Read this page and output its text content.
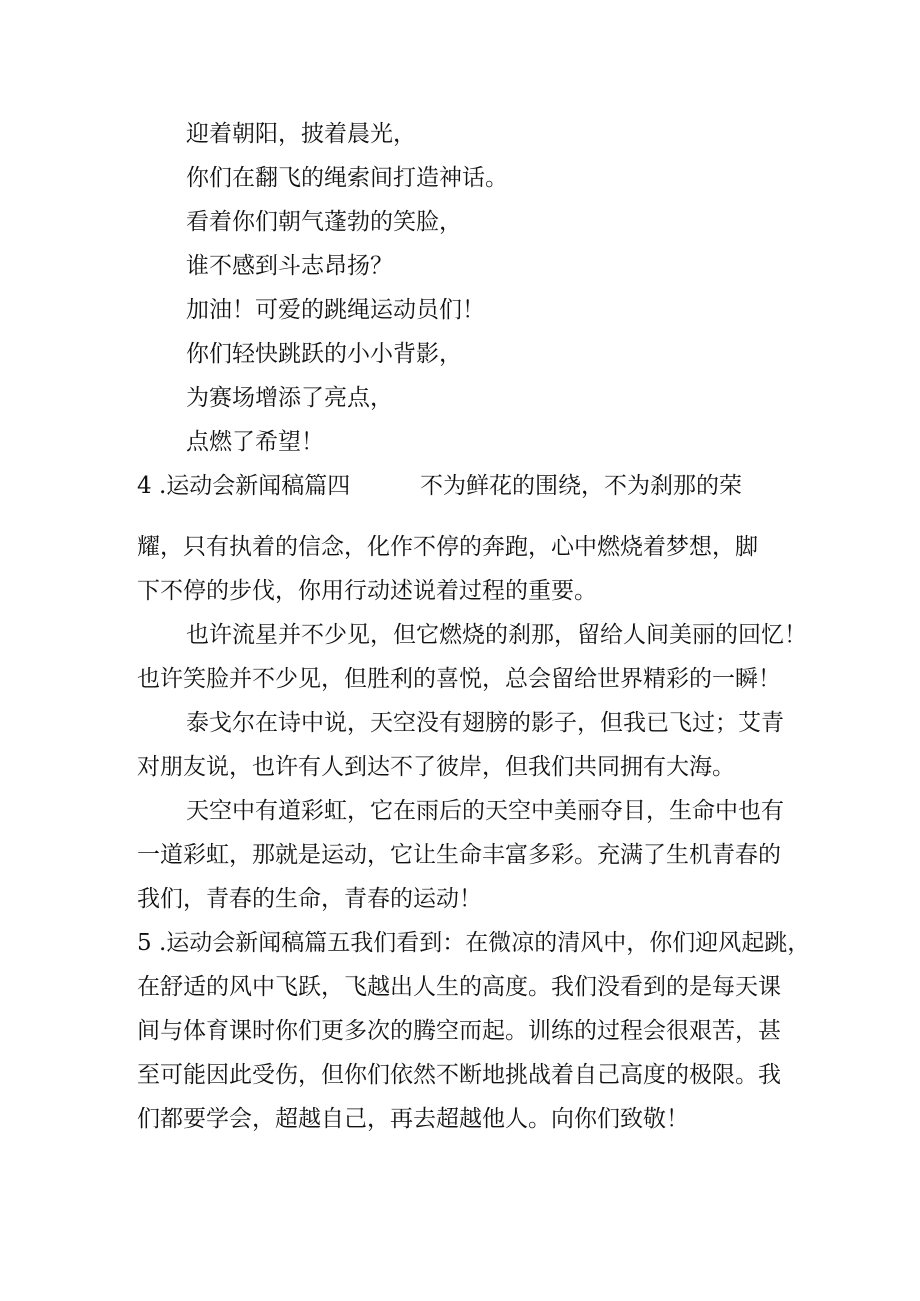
迎着朝阳，披着晨光，
你们在翻飞的绳索间打造神话。
看着你们朝气蓬勃的笑脸，
谁不感到斗志昂扬？
加油！可爱的跳绳运动员们！
你们轻快跳跃的小小背影，
为赛场增添了亮点，
点燃了希望！
4 .运动会新闻稿篇四	不为鲜花的围绕，不为刹那的荣
耀，只有执着的信念，化作不停的奔跑，心中燃烧着梦想，脚
下不停的步伐，你用行动述说着过程的重要。
也许流星并不少见，但它燃烧的刹那，留给人间美丽的回忆！
也许笑脸并不少见，但胜利的喜悦，总会留给世界精彩的一瞬！
泰戈尔在诗中说，天空没有翅膀的影子，但我已飞过；艾青
对朋友说，也许有人到达不了彼岸，但我们共同拥有大海。
天空中有道彩虹，它在雨后的天空中美丽夺目，生命中也有
一道彩虹，那就是运动，它让生命丰富多彩。充满了生机青春的
我们，青春的生命，青春的运动！
5 .运动会新闻稿篇五我们看到：在微凉的清风中，你们迎风起跳，
在舒适的风中飞跃，飞越出人生的高度。我们没看到的是每天课
间与体育课时你们更多次的腾空而起。训练的过程会很艰苦，甚
至可能因此受伤，但你们依然不断地挑战着自己高度的极限。我
们都要学会，超越自己，再去超越他人。向你们致敬！
